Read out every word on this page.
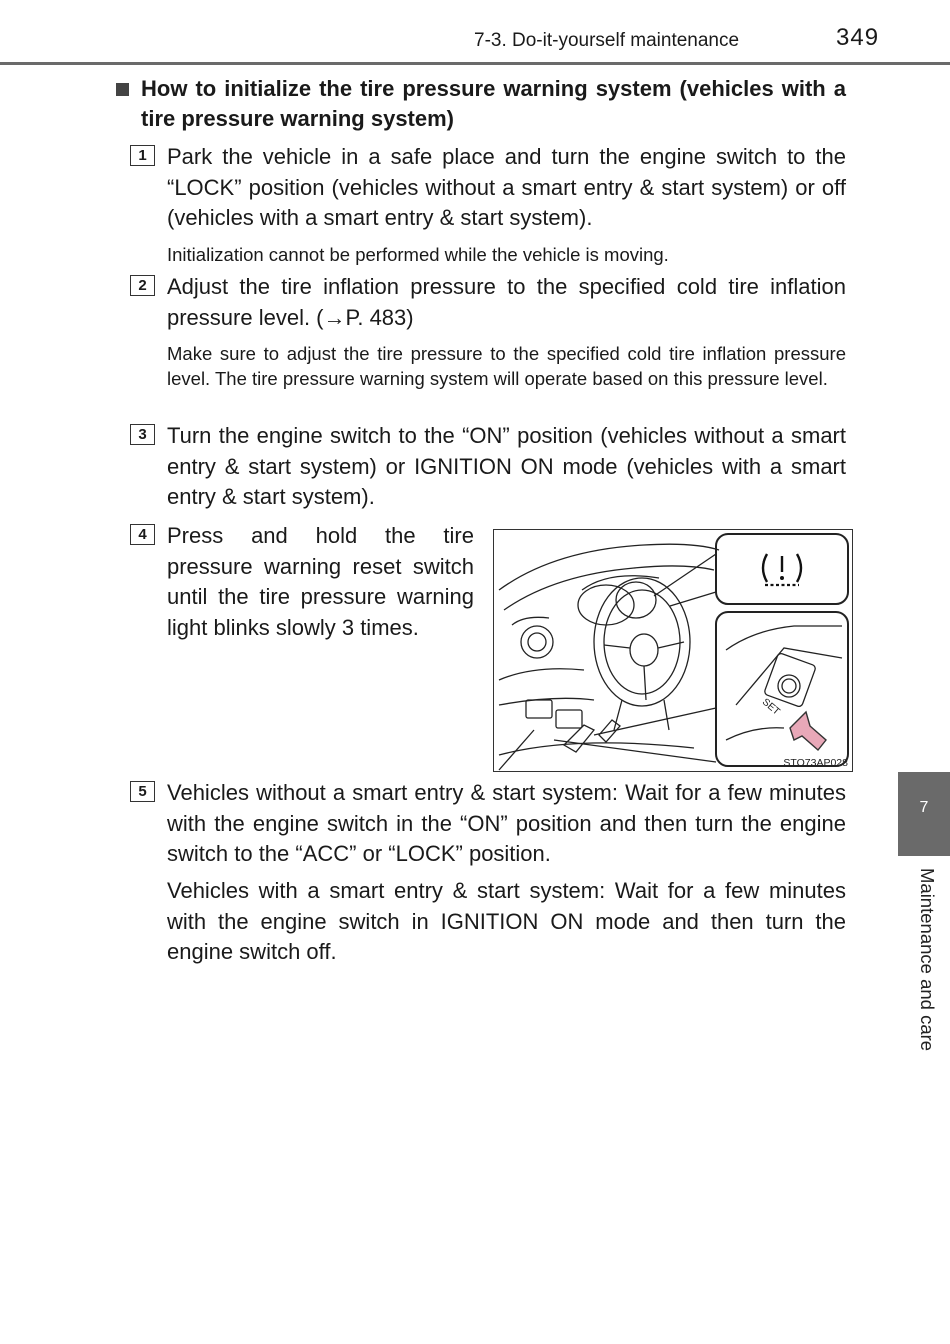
7-3. Do-it-yourself maintenance	349
How to initialize the tire pressure warning system (vehicles with a tire pressure warning system)
1 Park the vehicle in a safe place and turn the engine switch to the “LOCK” position (vehicles without a smart entry & start system) or off (vehicles with a smart entry & start system).

Initialization cannot be performed while the vehicle is moving.

2 Adjust the tire inflation pressure to the specified cold tire inflation pressure level. (→P. 483)

Make sure to adjust the tire pressure to the specified cold tire inflation pressure level. The tire pressure warning system will operate based on this pressure level.

3 Turn the engine switch to the “ON” position (vehicles without a smart entry & start system) or IGNITION ON mode (vehicles with a smart entry & start system).

4 Press and hold the tire pressure warning reset switch until the tire pressure warning light blinks slowly 3 times.

SET
STO73AP028
5 Vehicles without a smart entry & start system: Wait for a few minutes with the engine switch in the “ON” position and then turn the engine switch to the “ACC” or “LOCK” position.

Vehicles with a smart entry & start system: Wait for a few minutes with the engine switch in IGNITION ON mode and then turn the engine switch off.

7
Maintenance and care
